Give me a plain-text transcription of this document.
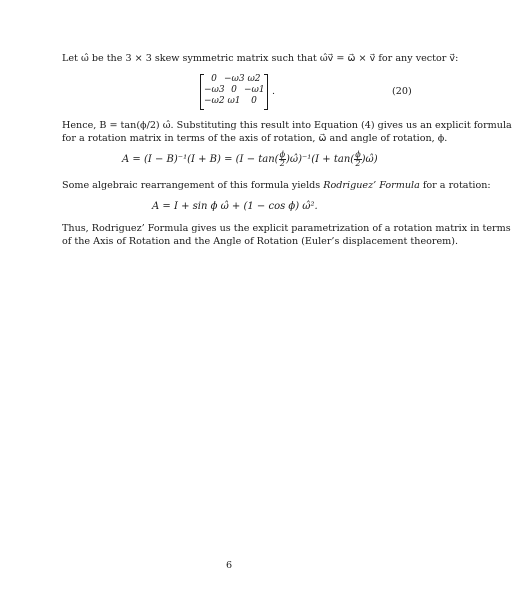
Let ω̂ be the 3 × 3 skew symmetric matrix such that ω̂v⃗ = ω⃗ × v⃗ for any vector v⃗:
0 −ω3 ω2
−ω3 0 −ω1
−ω2 ω1	0
.	(20)
Hence, B = tan(ϕ/2) ω̂. Substituting this result into Equation (4) gives us an explicit formula
for a rotation matrix in terms of the axis of rotation, ω⃗ and angle of rotation, ϕ.
$A = (I - B)^{-1}(I + B) = (I - \tan( \frac{\phi}{2}$ )ω̂)⁻¹(I + $\tan( \frac{\phi}{2}$ )ω̂)
Some algebraic rearrangement of this formula yields Rodriguez’ Formula for a rotation:
A = I + sin ϕ ω̂ + (1 − cos ϕ) ω̂².
Thus, Rodriguez’ Formula gives us the explicit parametrization of a rotation matrix in terms
of the Axis of Rotation and the Angle of Rotation (Euler’s displacement theorem).
6
